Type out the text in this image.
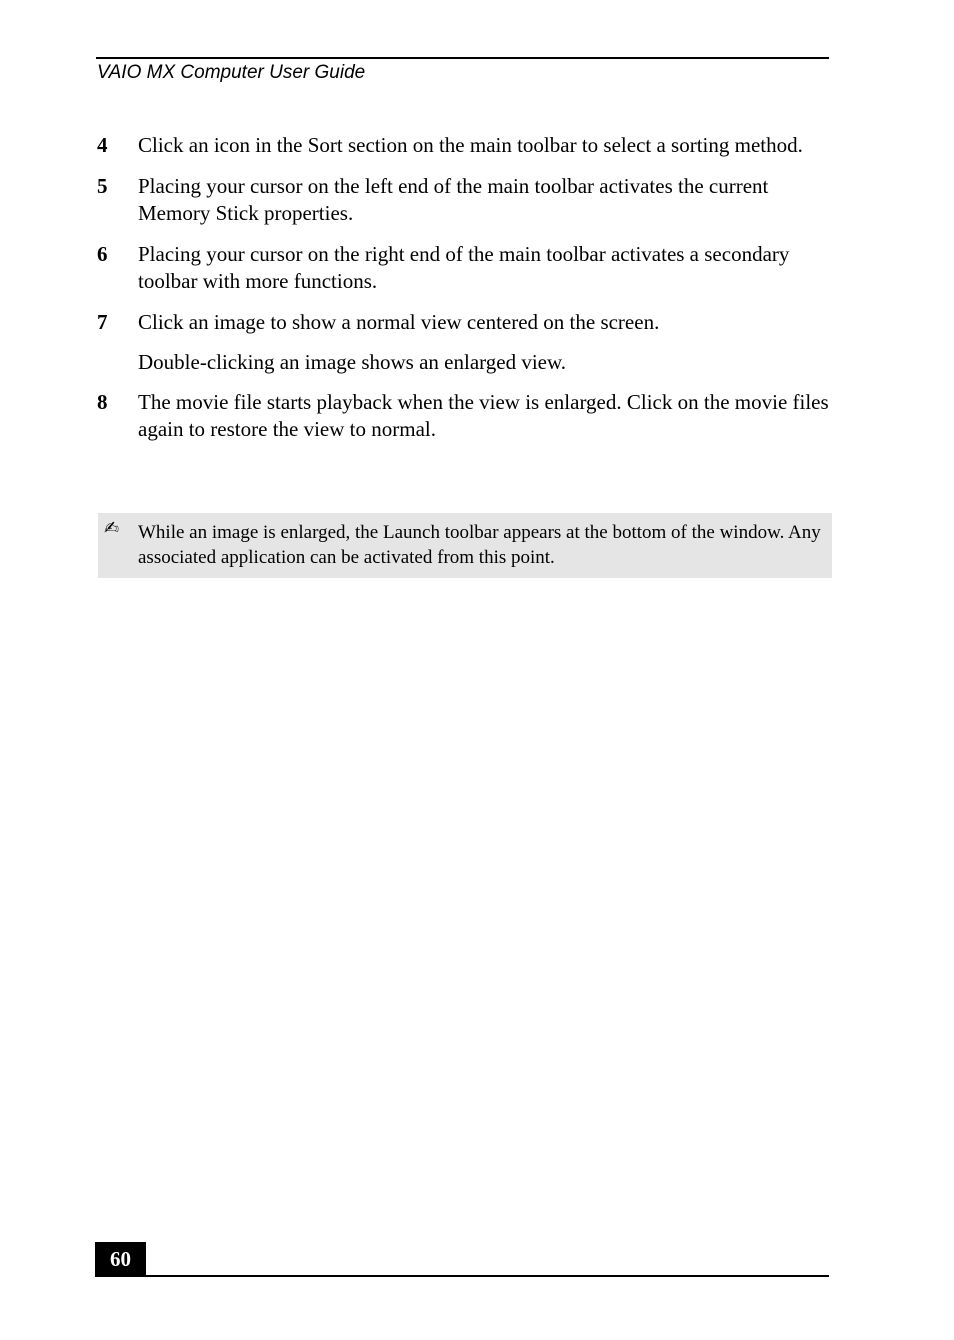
VAIO MX Computer User Guide
4 Click an icon in the Sort section on the main toolbar to select a sorting method.
5 Placing your cursor on the left end of the main toolbar activates the current Memory Stick properties.
6 Placing your cursor on the right end of the main toolbar activates a secondary toolbar with more functions.
7 Click an image to show a normal view centered on the screen.
Double-clicking an image shows an enlarged view.
8 The movie file starts playback when the view is enlarged. Click on the movie files again to restore the view to normal.
✍ While an image is enlarged, the Launch toolbar appears at the bottom of the window. Any associated application can be activated from this point.
60
